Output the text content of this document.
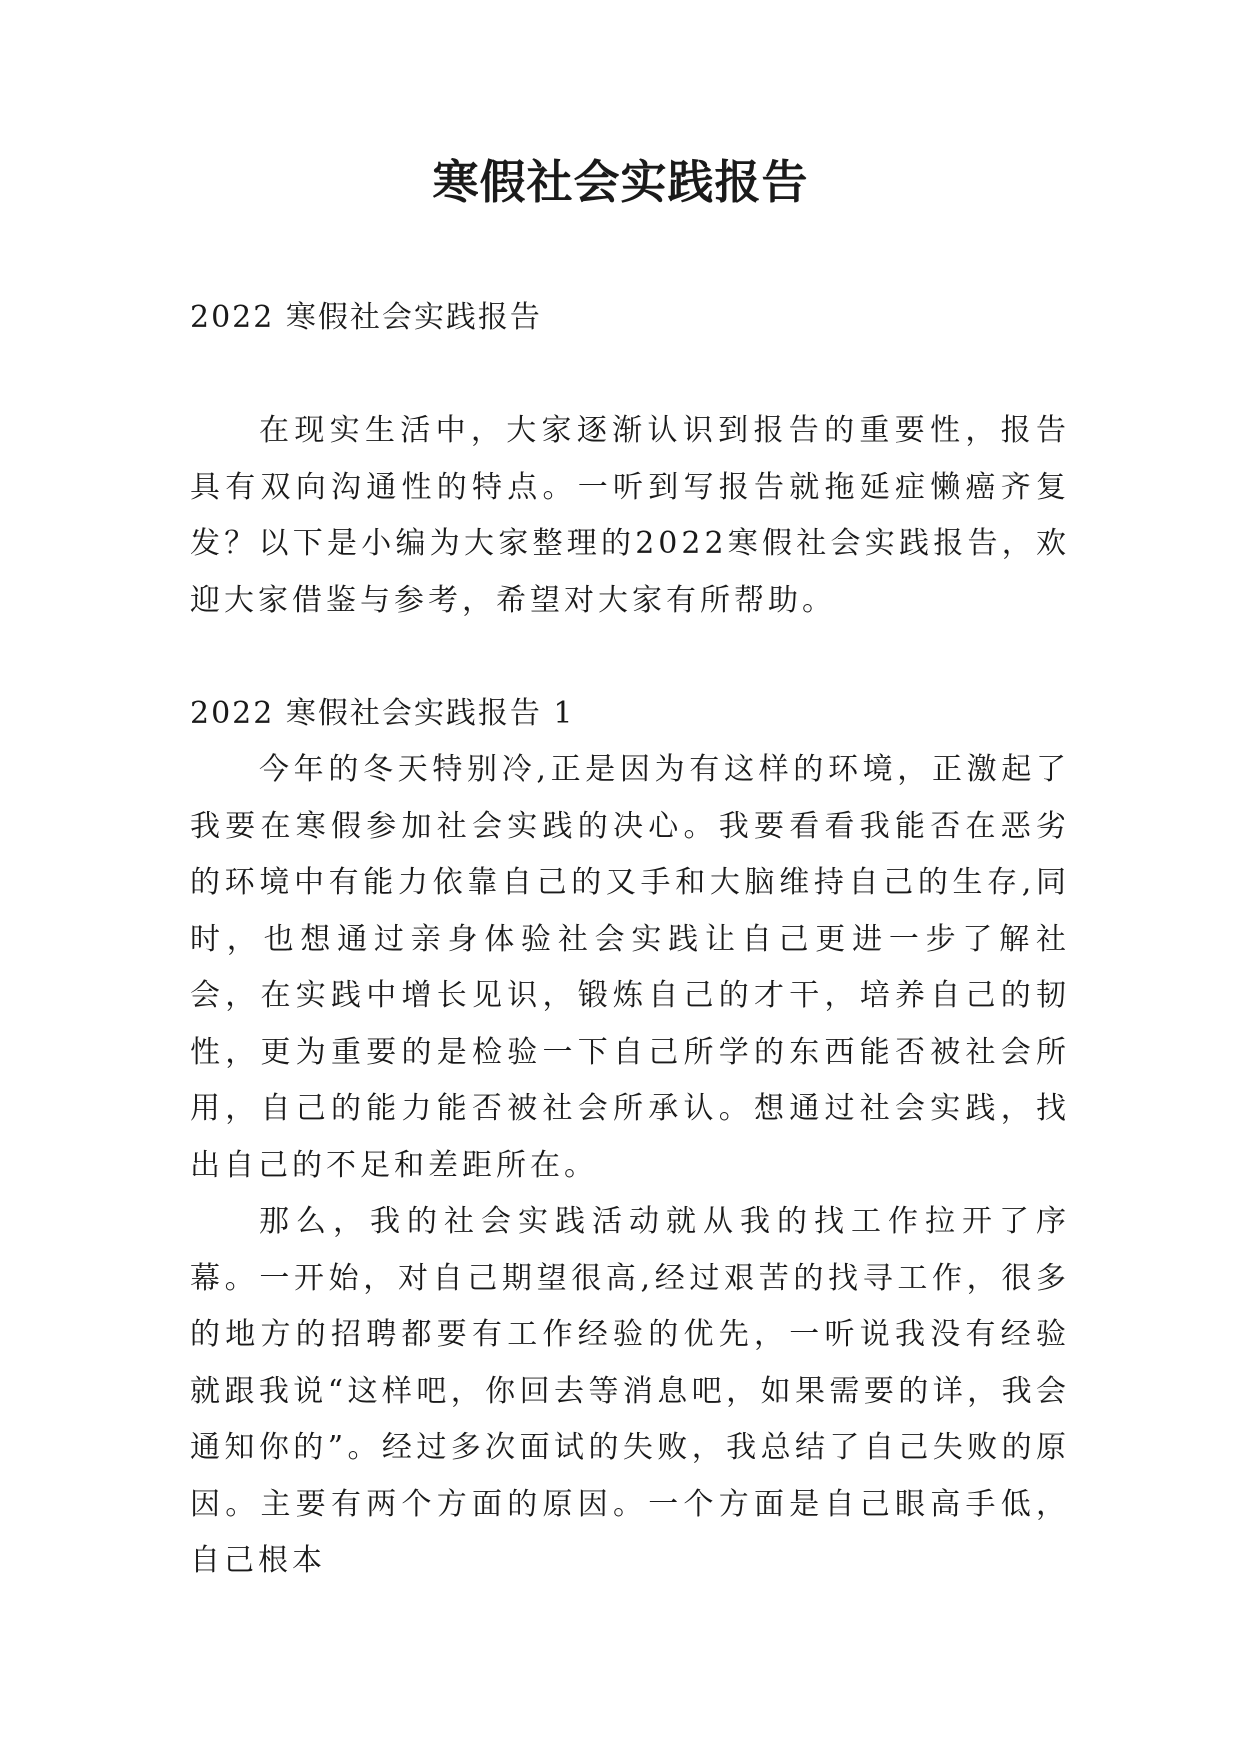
寒假社会实践报告

2022 寒假社会实践报告

在现实生活中，大家逐渐认识到报告的重要性，报告具有双向沟通性的特点。一听到写报告就拖延症懒癌齐复发？以下是小编为大家整理的2022寒假社会实践报告，欢迎大家借鉴与参考，希望对大家有所帮助。

2022 寒假社会实践报告 1

今年的冬天特别冷,正是因为有这样的环境，正激起了我要在寒假参加社会实践的决心。我要看看我能否在恶劣的环境中有能力依靠自己的又手和大脑维持自己的生存,同时，也想通过亲身体验社会实践让自己更进一步了解社会，在实践中增长见识，锻炼自己的才干，培养自己的韧性，更为重要的是检验一下自己所学的东西能否被社会所用，自己的能力能否被社会所承认。想通过社会实践，找出自己的不足和差距所在。

那么，我的社会实践活动就从我的找工作拉开了序幕。一开始，对自己期望很高,经过艰苦的找寻工作，很多的地方的招聘都要有工作经验的优先，一听说我没有经验就跟我说“这样吧，你回去等消息吧，如果需要的详，我会通知你的”。经过多次面试的失败，我总结了自己失败的原因。主要有两个方面的原因。一个方面是自己眼高手低，自己根本
